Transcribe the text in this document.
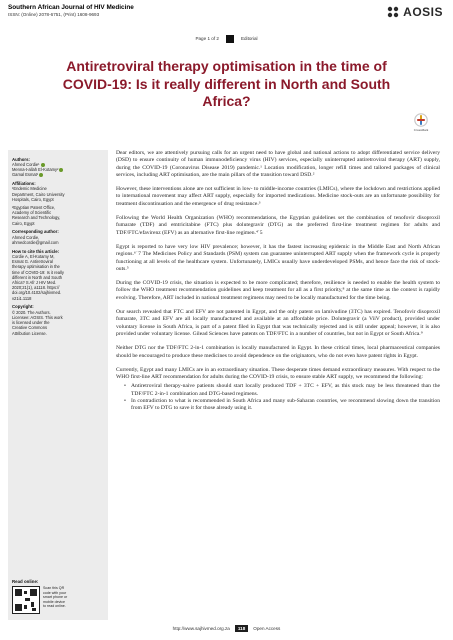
Southern African Journal of HIV Medicine
ISSN: (Online) 2078-6751, (Print) 1608-9693	AOSIS
Page 1 of 2	Editorial
Antiretroviral therapy optimisation in the time of COVID-19: Is it really different in North and South Africa?
CrossMark
Authors:
Ahmed Cordie¹
Menna-t-allah El-Kotamy²
Gamal Esmat¹
Affiliations:
¹Endemic Medicine
Department, Cairo University
Hospitals, Cairo, Egypt
²Egyptian Patent Office,
Academy of Scientific
Research and Technology,
Cairo, Egypt
Corresponding author:
Ahmed Cordie,
ahmedcordie@gmail.com
How to cite this article:
Cordie A, El-Kotamy M,
Esmat G. Antiretroviral
therapy optimisation in the
time of COVID-19: Is it really
different in North and South
Africa? S Afr J HIV Med.
2020;21(1), a1118. https://
doi.org/10.4102/sajhivmed.
v21i1.1118
Copyright:
© 2020. The Authors.
Licensee: AOSIS. This work
is licensed under the
Creative Commons
Attribution License.
Read online:
Scan this QR
code with your
smart phone or
mobile device
to read online.

Dear editors, we are attentively pursuing calls for an urgent need to have global and national actions to adopt differentiated service delivery (DSD) to ensure continuity of human immunodeficiency virus (HIV) services, especially uninterrupted antiretroviral therapy (ART) supply, during the COVID-19 (Coronavirus Disease 2019) pandemic.¹ Location modification, longer refill times and tailored packages of clinical services, including ART optimisation, are the main pillars of the transition toward DSD.²

However, these interventions alone are not sufficient in low- to middle-income countries (LMICs), where the lockdown and restrictions applied to international movement may affect ART supply, especially for imported medications. Medicine stock-outs are an unfortunate possibility for treatment discontinuation and the emergence of drug resistance.³

Following the World Health Organization (WHO) recommendations, the Egyptian guidelines set the combination of tenofovir disoproxil fumarate (TDF) and emtricitabine (FTC) plus dolutegravir (DTG) as the preferred first-line treatment regimen for adults and TDF/FTC/efavirenz (EFV) as an alternative first-line regimen.⁴˙5

Egypt is reported to have very low HIV prevalence; however, it has the fastest increasing epidemic in the Middle East and North African regions.⁶˙7 The Medicines Policy and Standards (PSM) system can guarantee uninterrupted ART supply when the framework cycle is properly functioning at all levels of the healthcare system. Unfortunately, LMICs usually have underdeveloped PSMs, and hence face the risk of stock-outs.⁵

During the COVID-19 crisis, the situation is expected to be more complicated; therefore, resilience is needed to enable the health system to follow the WHO treatment recommendation guidelines and keep treatment for all as a first priority,⁸ at the same time as the context is rapidly evolving. Therefore, ART included in national treatment regimens may need to be locally manufactured for the time being.

Our search revealed that FTC and EFV are not patented in Egypt, and the only patent on lamivudine (3TC) has expired. Tenofovir disoproxil fumarate, 3TC and EFV are all locally manufactured and available at an affordable price. Dolutegravir (a ViiV product), provided under voluntary license in South Africa, is part of a patent filed in Egypt that was technically rejected and is still under appeal; however, it is also provided under voluntary license. Gilead Sciences have patents on TDF/FTC in a number of countries, but not in Egypt or South Africa.⁹

Neither DTG nor the TDF/FTC 2-in-1 combination is locally manufactured in Egypt. In these critical times, local pharmaceutical companies should be encouraged to produce these medicines to avoid dependence on the originators, who do not even have patent rights in Egypt.

Currently, Egypt and many LMICs are in an extraordinary situation. These desperate times demand extraordinary measures. With respect to the WHO first-line ART recommendation for adults during the COVID-19 crisis, to ensure stable ART supply, we recommend the following:

• Antiretroviral therapy-naive patients should start locally produced TDF + 3TC + EFV, as this stock may be less threatened than the TDF/FTC 2-in-1 combination and DTG-based regimens.
• In contradiction to what is recommended in South Africa and many sub-Saharan countries, we recommend slowing down the transition from EFV to DTG to save it for those already using it.
http://www.sajhivmed.org.za	118	Open Access
